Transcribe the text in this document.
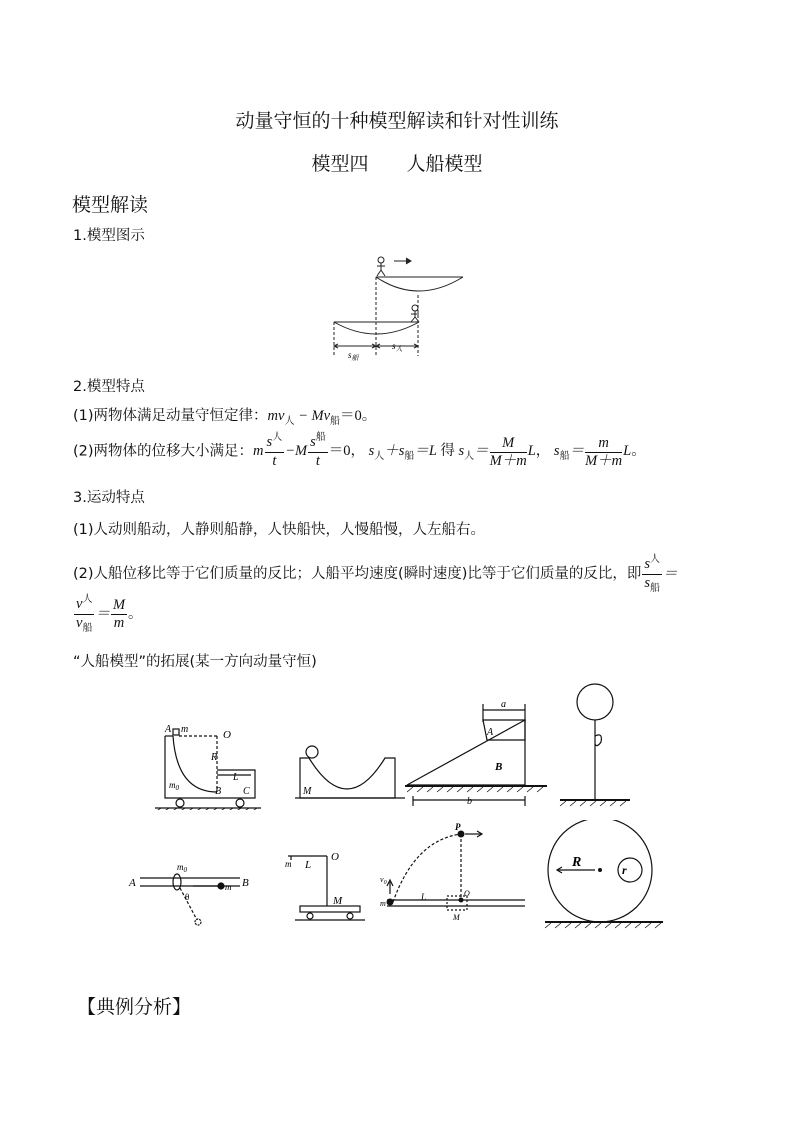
动量守恒的十种模型解读和针对性训练
模型四　　人船模型
模型解读
1.模型图示
$s_船$
$s_人$
2.模型特点
(1)两物体满足动量守恒定律：$mv_人 - Mv_船=0$。
(2)两物体的位移大小满足：m $\frac{s^人}{t} -M \frac{s^船}{t} =0$， $s_人+s_船=L$ 得 $s_人= \frac{M}{M+m}$ L， $s_船= \frac{m}{M+m}$ L。
3.运动特点
(1)人动则船动，人静则船静，人快船快，人慢船慢，人左船右。
(2)人船位移比等于它们质量的反比；人船平均速度(瞬时速度)比等于它们质量的反比，即 $\frac{s^人}{s_船}$ ＝
$\frac{v^人}{v_船} = \frac{M}{m}$ 。
“人船模型”的拓展(某一方向动量守恒)
A m	O
R
L
$m_0$	B C	M
A
B
a
b
A	B
$m_0$
m
θ
m L
O
M
P
$v_0$
m
L	O
M
R	r
【典例分析】
